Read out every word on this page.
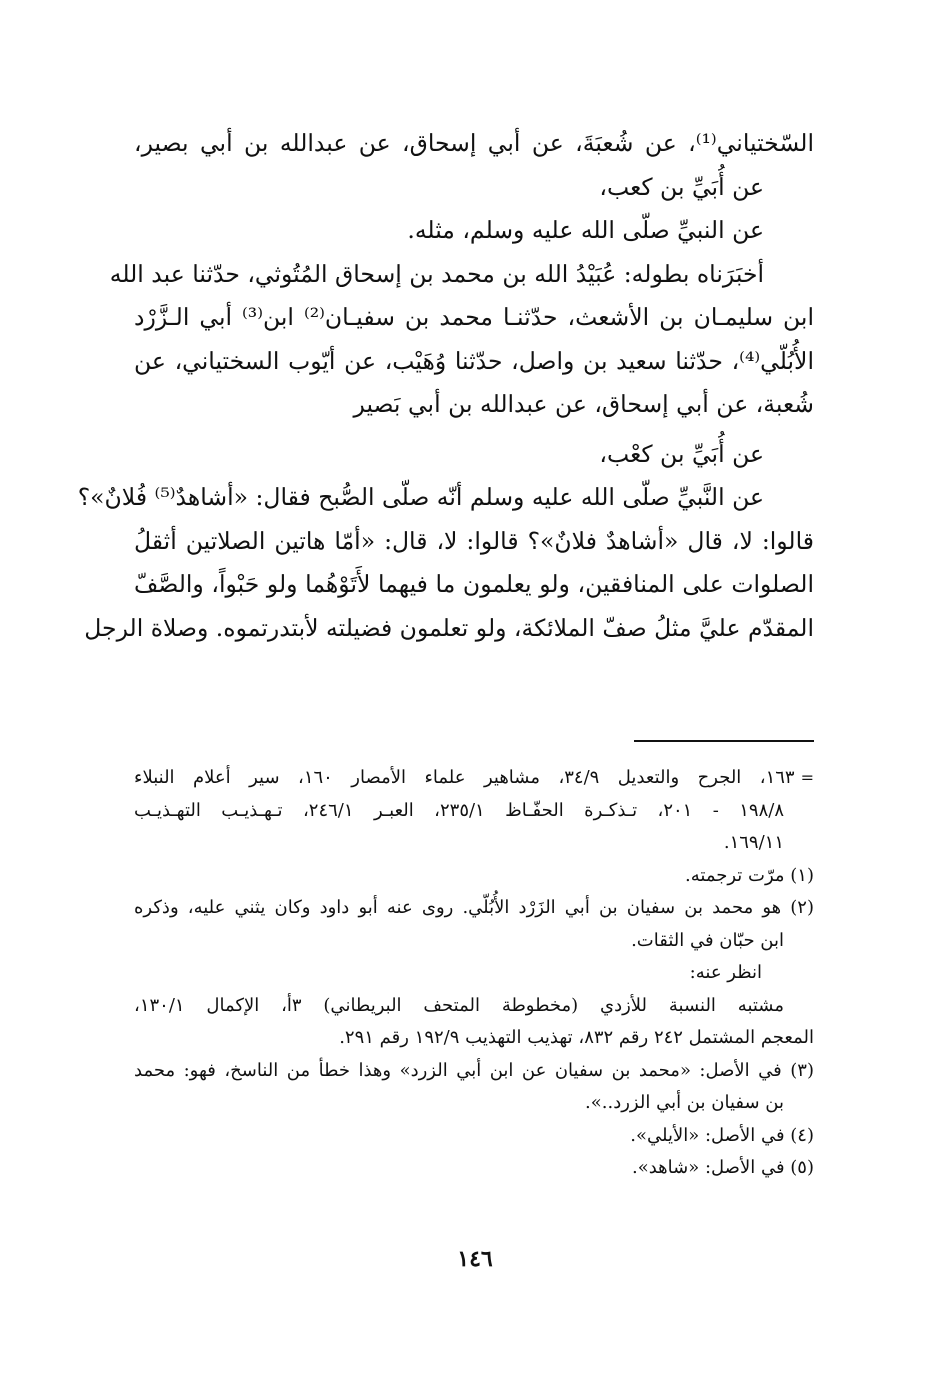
السّختياني⁽¹⁾، عن شُعبَةَ، عن أبي إسحاق، عن عبدالله بن أبي بصير،
عن أُبَيِّ بن كعب،
عن النبيِّ صلّى الله عليه وسلم، مثله.
أخبَرَناه بطوله: عُبَيْدُ الله بن محمد بن إسحاق المُتُوثي، حدّثنا عبد الله
ابن سليمـان بن الأشعث، حدّثنـا محمد بن سفيـان⁽²⁾ ابن⁽³⁾ أبي الـزَّرْد
الأُبُلّي⁽⁴⁾، حدّثنا سعيد بن واصل، حدّثنا وُهَيْب، عن أيّوب السختياني، عن
شُعبة، عن أبي إسحاق، عن عبدالله بن أبي بَصير
عن أُبَيِّ بن كعْب،
عن النَّبيِّ صلّى الله عليه وسلم أنّه صلّى الصُّبح فقال: «أشاهدٌ⁽⁵⁾ فُلانٌ»؟
قالوا: لا، قال «أشاهدٌ فلانٌ»؟ قالوا: لا، قال: «أمّا هاتين الصلاتين أثقلُ
الصلوات على المنافقين، ولو يعلمون ما فيهما لأَتَوْهُما ولو حَبْواً، والصَّفّ
المقدّم عليَّ مثلُ صفّ الملائكة، ولو تعلمون فضيلته لأبتدرتموه. وصلاة الرجل
=١٦٣، الجرح والتعديل ٣٤/٩، مشاهير علماء الأمصار ١٦٠، سير أعلام النبلاء
١٩٨/٨ - ٢٠١، تـذكـرة الحفّـاظ ٢٣٥/١، العبـر ٢٤٦/١، تـهـذيـب التهـذيـب
١٦٩/١١.
(١) مرّت ترجمته.
(٢) هو محمد بن سفيان بن أبي الزَرْد الأُبُلّي. روى عنه أبو داود وكان يثني عليه، وذكره
ابن حبّان في الثقات.
انظر عنه:
مشتبه النسبة للأزدي (مخطوطة المتحف البريطاني) ٣أ، الإكمال ١٣٠/١،
المعجم المشتمل ٢٤٢ رقم ٨٣٢، تهذيب التهذيب ١٩٢/٩ رقم ٢٩١.
(٣) في الأصل: «محمد بن سفيان عن ابن أبي الزرد» وهذا خطأ من الناسخ، فهو: محمد
بن سفيان بن أبي الزرد..».
(٤) في الأصل: «الأيلي».
(٥) في الأصل: «شاهد».
١٤٦
